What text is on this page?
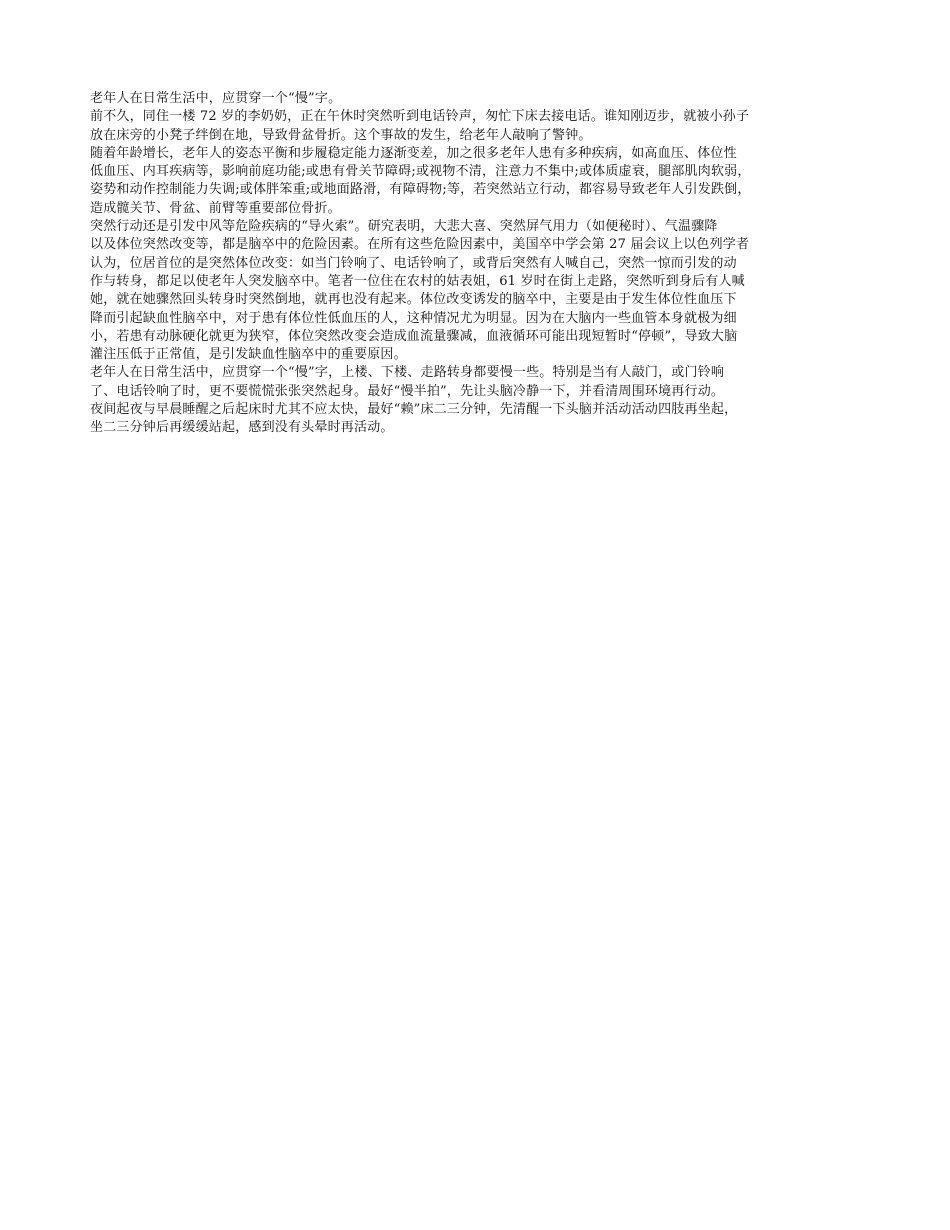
老年人在日常生活中，应贯穿一个“慢”字。
前不久，同住一楼 72 岁的李奶奶，正在午休时突然听到电话铃声，匆忙下床去接电话。谁知刚迈步，就被小孙子
放在床旁的小凳子绊倒在地，导致骨盆骨折。这个事故的发生，给老年人敲响了警钟。
随着年龄增长，老年人的姿态平衡和步履稳定能力逐渐变差，加之很多老年人患有多种疾病，如高血压、体位性
低血压、内耳疾病等，影响前庭功能;或患有骨关节障碍;或视物不清，注意力不集中;或体质虚衰，腿部肌肉软弱，
姿势和动作控制能力失调;或体胖笨重;或地面路滑，有障碍物;等，若突然站立行动，都容易导致老年人引发跌倒，
造成髋关节、骨盆、前臂等重要部位骨折。
突然行动还是引发中风等危险疾病的“导火索”。研究表明，大悲大喜、突然屏气用力（如便秘时）、气温骤降
以及体位突然改变等，都是脑卒中的危险因素。在所有这些危险因素中，美国卒中学会第 27 届会议上以色列学者
认为，位居首位的是突然体位改变：如当门铃响了、电话铃响了，或背后突然有人喊自己，突然一惊而引发的动
作与转身，都足以使老年人突发脑卒中。笔者一位住在农村的姑表姐，61 岁时在街上走路，突然听到身后有人喊
她，就在她骤然回头转身时突然倒地，就再也没有起来。体位改变诱发的脑卒中，主要是由于发生体位性血压下
降而引起缺血性脑卒中，对于患有体位性低血压的人，这种情况尤为明显。因为在大脑内一些血管本身就极为细
小，若患有动脉硬化就更为狭窄，体位突然改变会造成血流量骤减，血液循环可能出现短暂时“停顿”，导致大脑
灌注压低于正常值，是引发缺血性脑卒中的重要原因。
老年人在日常生活中，应贯穿一个“慢”字，上楼、下楼、走路转身都要慢一些。特别是当有人敲门，或门铃响
了、电话铃响了时，更不要慌慌张张突然起身。最好“慢半拍”，先让头脑冷静一下，并看清周围环境再行动。
夜间起夜与早晨睡醒之后起床时尤其不应太快，最好“赖”床二三分钟，先清醒一下头脑并活动活动四肢再坐起，
坐二三分钟后再缓缓站起，感到没有头晕时再活动。
